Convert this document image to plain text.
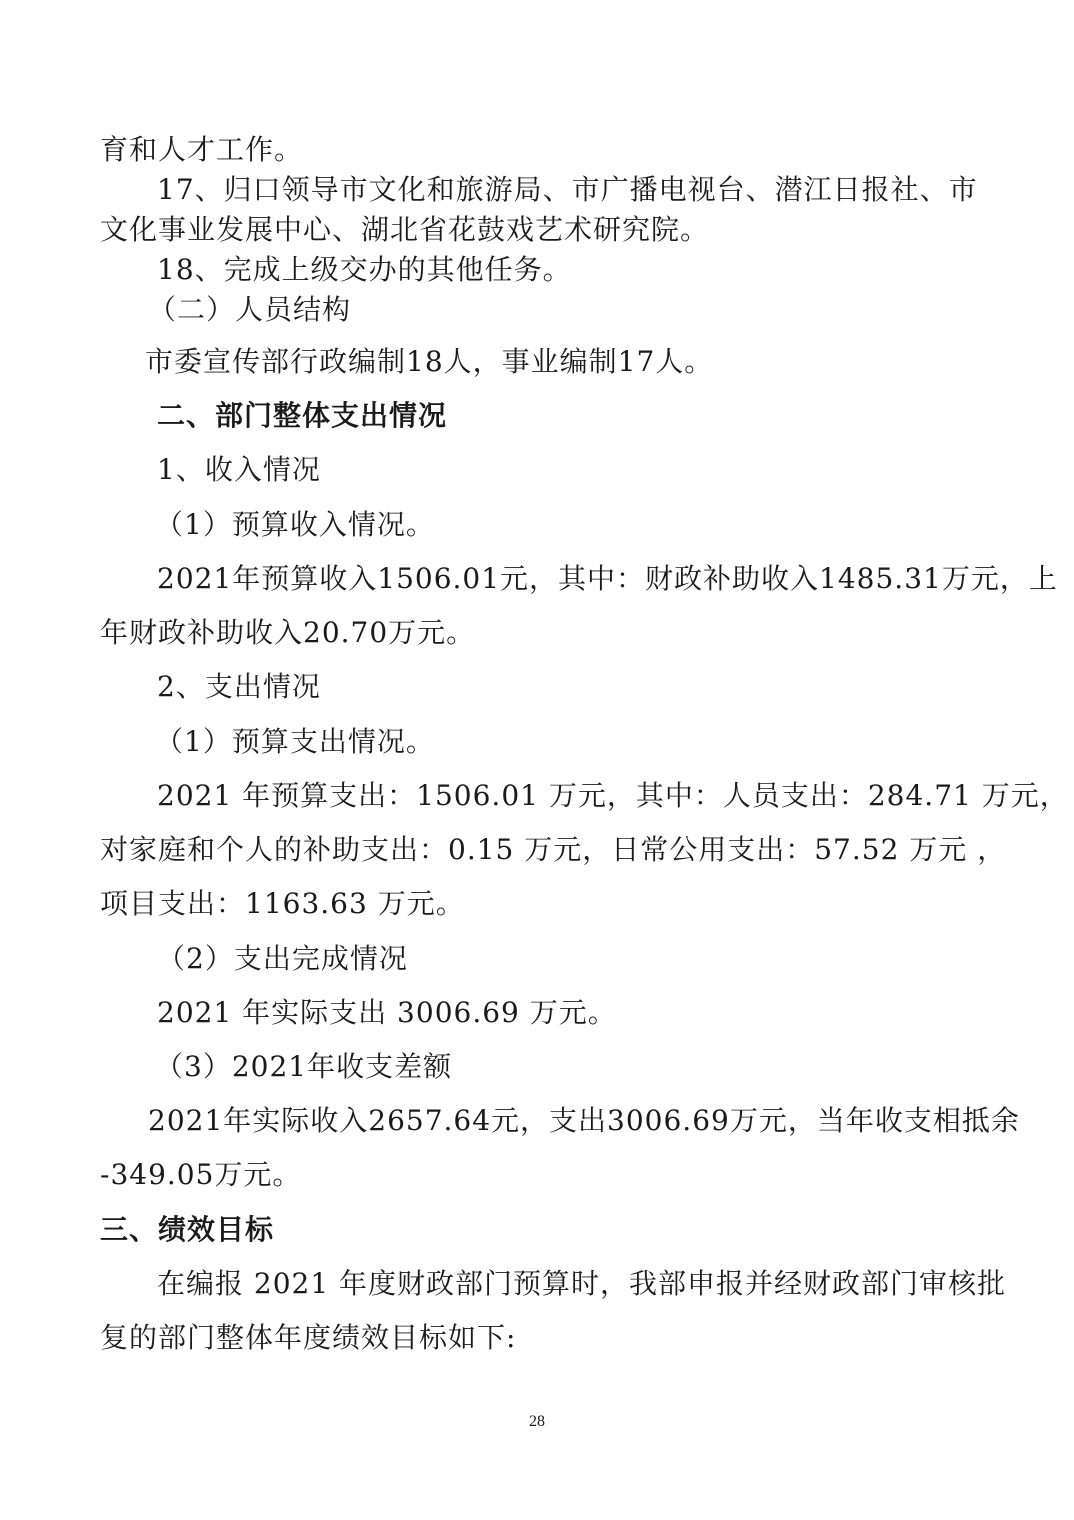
育和人才工作。
17、归口领导市文化和旅游局、市广播电视台、潜江日报社、市
文化事业发展中心、湖北省花鼓戏艺术研究院。
18、完成上级交办的其他任务。
（二）人员结构
市委宣传部行政编制18人，事业编制17人。
二、部门整体支出情况
1、收入情况
（1）预算收入情况。
2021年预算收入1506.01元，其中：财政补助收入1485.31万元，上
年财政补助收入20.70万元。
2、支出情况
（1）预算支出情况。
2021 年预算支出：1506.01 万元，其中：人员支出：284.71 万元，
对家庭和个人的补助支出：0.15 万元，日常公用支出：57.52 万元 ，
项目支出：1163.63 万元。
（2）支出完成情况
2021 年实际支出 3006.69 万元。
（3）2021年收支差额
2021年实际收入2657.64元，支出3006.69万元，当年收支相抵余
-349.05万元。
三、绩效目标
在编报 2021 年度财政部门预算时，我部申报并经财政部门审核批
复的部门整体年度绩效目标如下:
28
